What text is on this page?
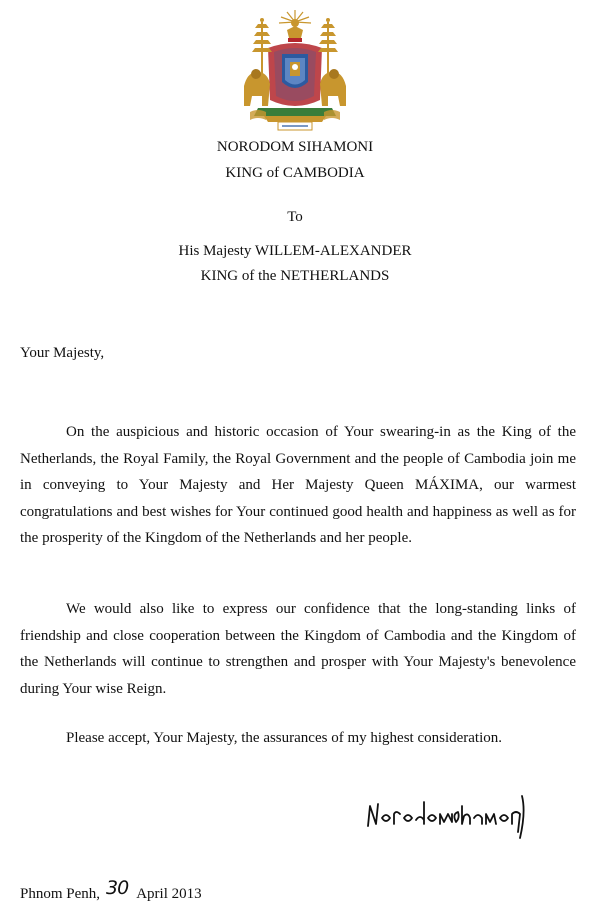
NORODOM SIHAMONI

KING of CAMBODIA

To

His Majesty WILLEM-ALEXANDER

KING of the NETHERLANDS

Your Majesty,

On the auspicious and historic occasion of Your swearing-in as the King of the Netherlands, the Royal Family, the Royal Government and the people of Cambodia join me in conveying to Your Majesty and Her Majesty Queen MÁXIMA, our warmest congratulations and best wishes for Your continued good health and happiness as well as for the prosperity of the Kingdom of the Netherlands and her people.

We would also like to express our confidence that the long-standing links of friendship and close cooperation between the Kingdom of Cambodia and the Kingdom of the Netherlands will continue to strengthen and prosper with Your Majesty's benevolence during Your wise Reign.

Please accept, Your Majesty, the assurances of my highest consideration.

Phnom Penh, 30 April 2013
